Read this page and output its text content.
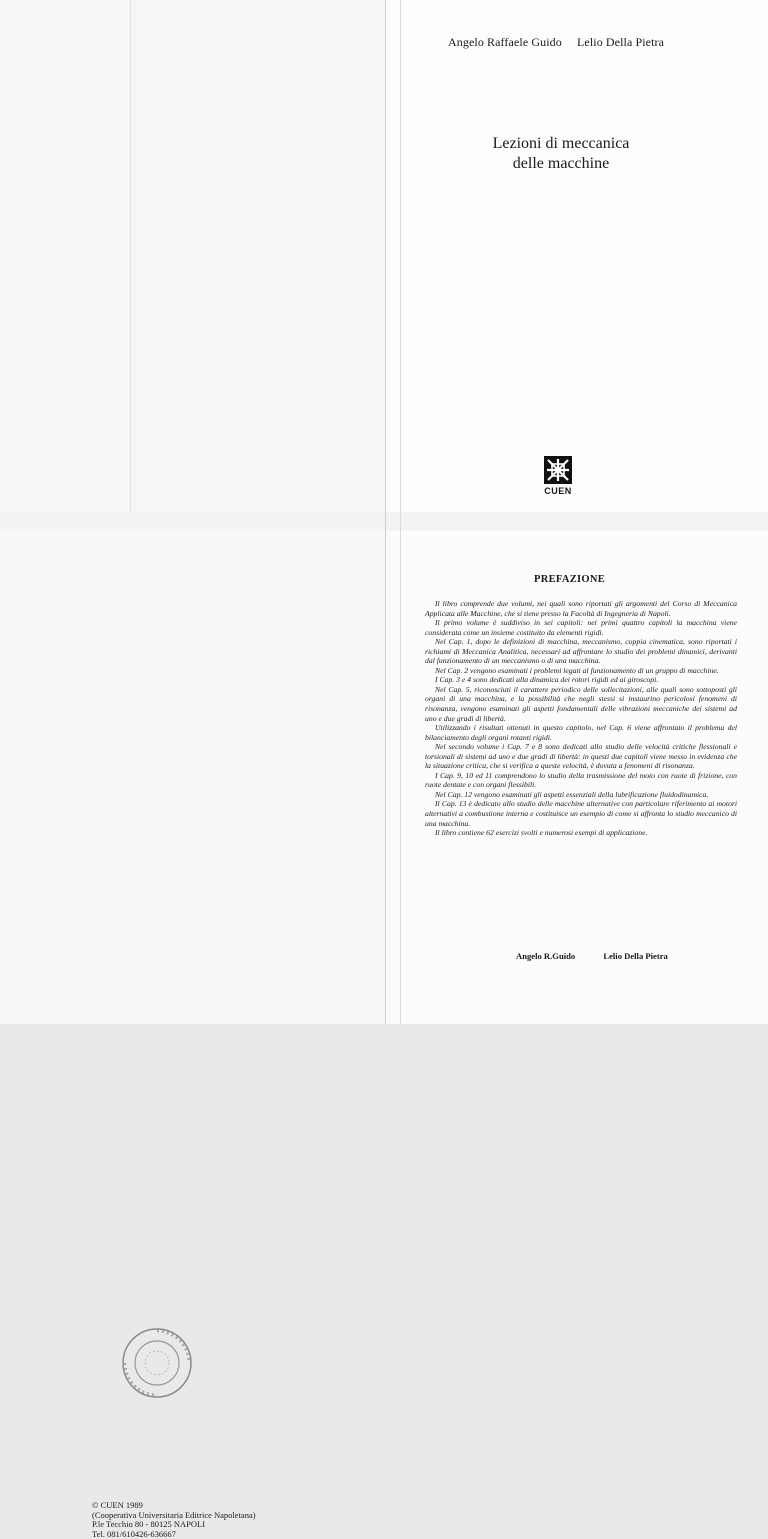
Angelo Raffaele Guido Lelio Della Pietra
Lezioni di meccanica
delle macchine
CUEN
© CUEN 1989
(Cooperativa Universitaria Editrice Napoletana)
P.le Tecchio 80 - 80125 NAPOLI
Tel. 081/610426-636667
PREFAZIONE

Il libro comprende due volumi, nei quali sono riportati gli argomenti del Corso di Meccanica Applicata alle Macchine, che si tiene presso la Facoltà di Ingegneria di Napoli.

Il primo volume è suddiviso in sei capitoli: nei primi quattro capitoli la macchina viene considerata come un insieme costituito da elementi rigidi.

Nel Cap. 1, dopo le definizioni di macchina, meccanismo, coppia cinematica, sono riportati i richiami di Meccanica Analitica, necessari ad affrontare lo studio dei problemi dinamici, derivanti dal funzionamento di un meccanismo o di una macchina.

Nel Cap. 2 vengono esaminati i problemi legati al funzionamento di un gruppo di macchine.

I Cap. 3 e 4 sono dedicati alla dinamica dei rotori rigidi ed ai giroscopi.

Nel Cap. 5, riconosciuti il carattere periodico delle sollecitazioni, alle quali sono sottoposti gli organi di una macchina, e la possibilità che negli stessi si instaurino pericolosi fenomeni di risonanza, vengono esaminati gli aspetti fondamentali delle vibrazioni meccaniche dei sistemi ad uno e due gradi di libertà.

Utilizzando i risultati ottenuti in questo capitolo, nel Cap. 6 viene affrontato il problema del bilanciamento degli organi rotanti rigidi.

Nel secondo volume i Cap. 7 e 8 sono dedicati allo studio delle velocità critiche flessionali e torsionali di sistemi ad uno e due gradi di libertà: in questi due capitoli viene messo in evidenza che la situazione critica, che si verifica a queste velocità, è dovuta a fenomeni di risonanza.

I Cap. 9, 10 ed 11 comprendono lo studio della trasmissione del moto con ruote di frizione, con ruote dentate e con organi flessibili.

Nel Cap. 12 vengono esaminati gli aspetti essenziali della lubrificazione fluidodinamica.

Il Cap. 13 è dedicato allo studio delle macchine alternative con particolare riferimento ai motori alternativi a combustione interna e costituisce un esempio di come si affronta lo studio meccanico di una macchina.

Il libro contiene 62 esercizi svolti e numerosi esempi di applicazione.

Angelo R.Guido	Lelio Della Pietra
